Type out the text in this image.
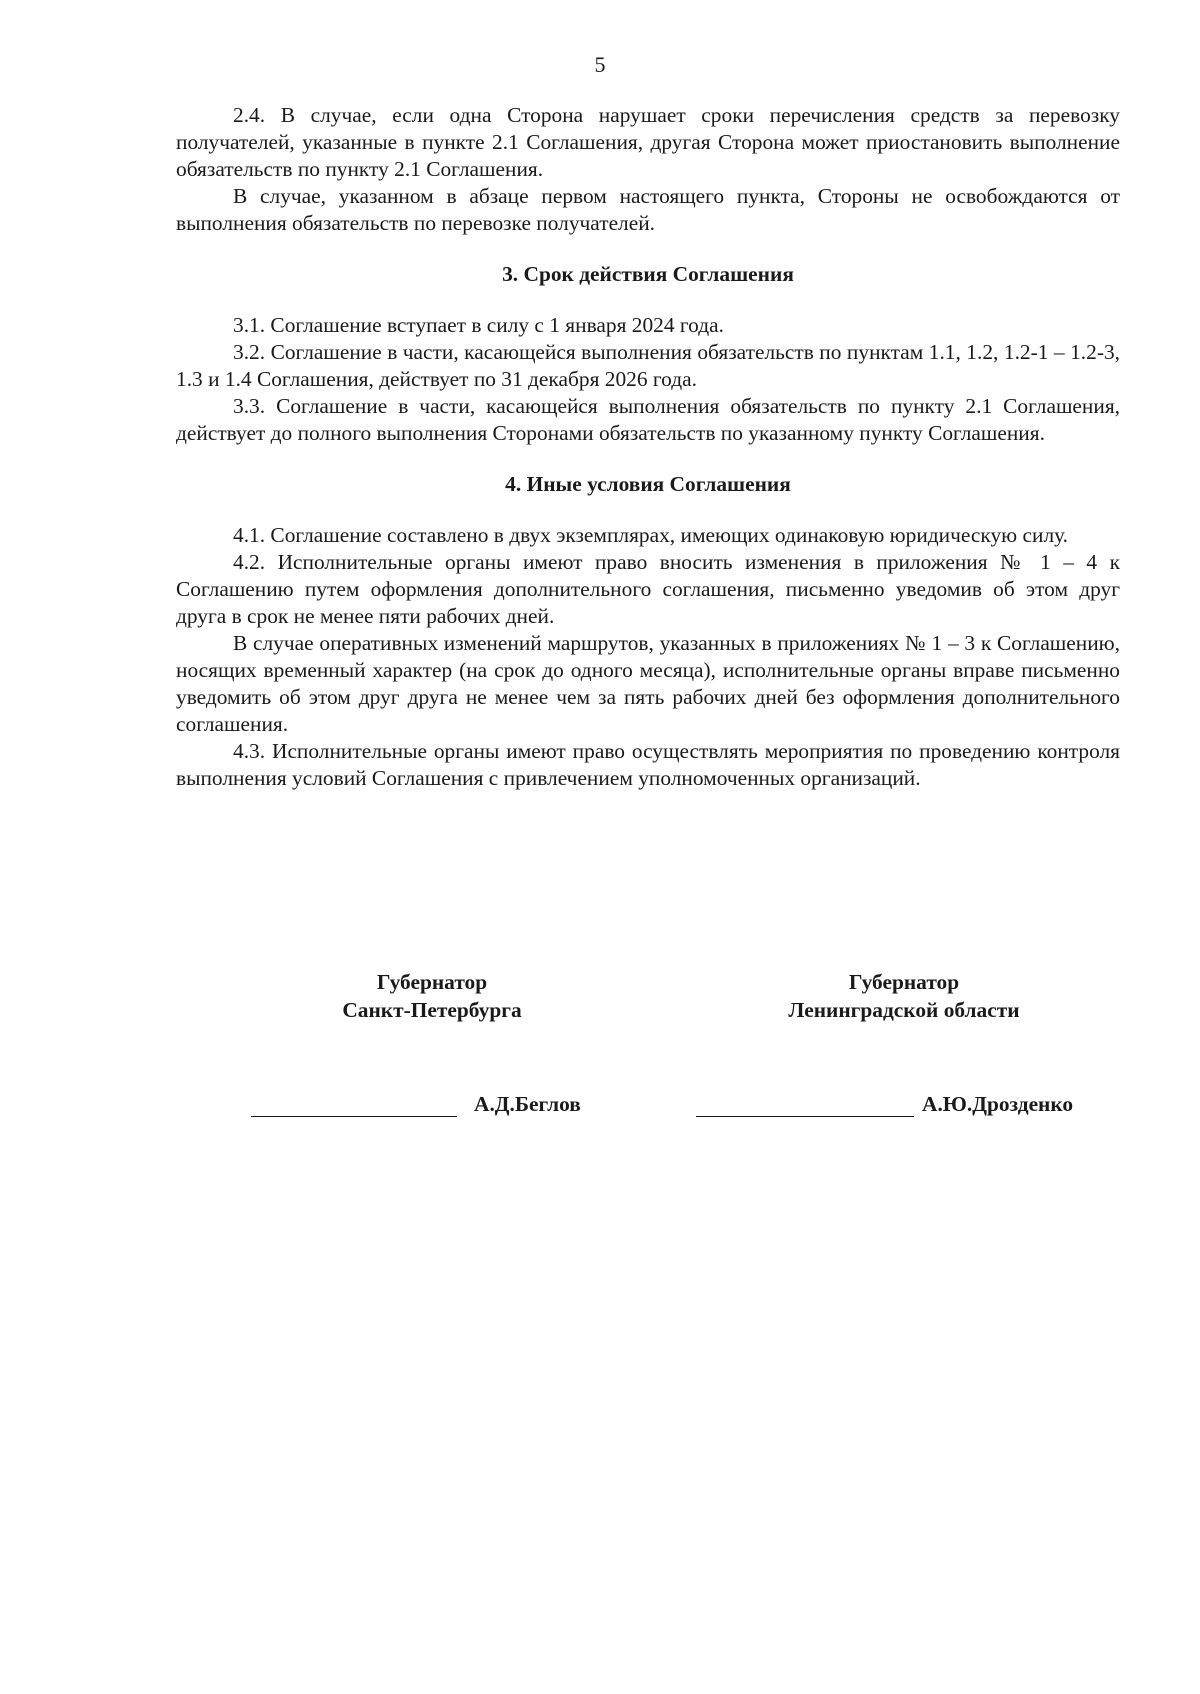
5

2.4. В случае, если одна Сторона нарушает сроки перечисления средств за перевозку получателей, указанные в пункте 2.1 Соглашения, другая Сторона может приостановить выполнение обязательств по пункту 2.1 Соглашения.

В случае, указанном в абзаце первом настоящего пункта, Стороны не освобождаются от выполнения обязательств по перевозке получателей.

3. Срок действия Соглашения

3.1. Соглашение вступает в силу с 1 января 2024 года.

3.2. Соглашение в части, касающейся выполнения обязательств по пунктам 1.1, 1.2, 1.2-1 – 1.2-3, 1.3 и 1.4 Соглашения, действует по 31 декабря 2026 года.

3.3. Соглашение в части, касающейся выполнения обязательств по пункту 2.1 Соглашения, действует до полного выполнения Сторонами обязательств по указанному пункту Соглашения.

4. Иные условия Соглашения

4.1. Соглашение составлено в двух экземплярах, имеющих одинаковую юридическую силу.

4.2. Исполнительные органы имеют право вносить изменения в приложения № 1 – 4 к Соглашению путем оформления дополнительного соглашения, письменно уведомив об этом друг друга в срок не менее пяти рабочих дней.

В случае оперативных изменений маршрутов, указанных в приложениях № 1 – 3 к Соглашению, носящих временный характер (на срок до одного месяца), исполнительные органы вправе письменно уведомить об этом друг друга не менее чем за пять рабочих дней без оформления дополнительного соглашения.

4.3. Исполнительные органы имеют право осуществлять мероприятия по проведению контроля выполнения условий Соглашения с привлечением уполномоченных организаций.

Губернатор
Санкт-Петербурга
Губернатор
Ленинградской области
А.Д.Беглов	А.Ю.Дрозденко
